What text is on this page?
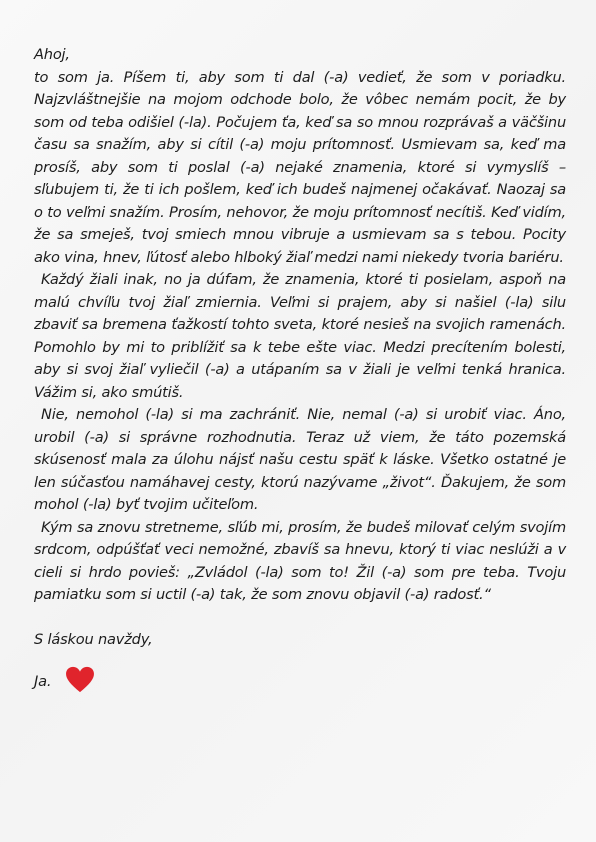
Ahoj,

to som ja. Píšem ti, aby som ti dal (-a) vedieť, že som v poriadku. Najzvláštnejšie na mojom odchode bolo, že vôbec nemám pocit, že by som od teba odišiel (-la). Počujem ťa, keď sa so mnou rozprávaš a väčšinu času sa snažím, aby si cítil (-a) moju prítomnosť. Usmievam sa, keď ma prosíš, aby som ti poslal (-a) nejaké znamenia, ktoré si vymyslíš – sľubujem ti, že ti ich pošlem, keď ich budeš najmenej očakávať. Naozaj sa o to veľmi snažím. Prosím, nehovor, že moju prítomnosť necítiš. Keď vidím, že sa smeješ, tvoj smiech mnou vibruje a usmievam sa s tebou. Pocity ako vina, hnev, ľútosť alebo hlboký žiaľ medzi nami niekedy tvoria bariéru.

Každý žiali inak, no ja dúfam, že znamenia, ktoré ti posielam, aspoň na malú chvíľu tvoj žiaľ zmiernia. Veľmi si prajem, aby si našiel (-la) silu zbaviť sa bremena ťažkostí tohto sveta, ktoré nesieš na svojich ramenách. Pomohlo by mi to priblížiť sa k tebe ešte viac. Medzi precítením bolesti, aby si svoj žiaľ vyliečil (-a) a utápaním sa v žiali je veľmi tenká hranica. Vážim si, ako smútiš.

Nie, nemohol (-la) si ma zachrániť. Nie, nemal (-a) si urobiť viac. Áno, urobil (-a) si správne rozhodnutia. Teraz už viem, že táto pozemská skúsenosť mala za úlohu nájsť našu cestu späť k láske. Všetko ostatné je len súčasťou namáhavej cesty, ktorú nazývame „život“. Ďakujem, že som mohol (-la) byť tvojim učiteľom.

Kým sa znovu stretneme, sľúb mi, prosím, že budeš milovať celým svojím srdcom, odpúšťať veci nemožné, zbavíš sa hnevu, ktorý ti viac neslúži a v cieli si hrdo povieš: „Zvládol (-la) som to! Žil (-a) som pre teba. Tvoju pamiatku som si uctil (-a) tak, že som znovu objavil (-a) radosť.“

S láskou navždy,

Ja.
